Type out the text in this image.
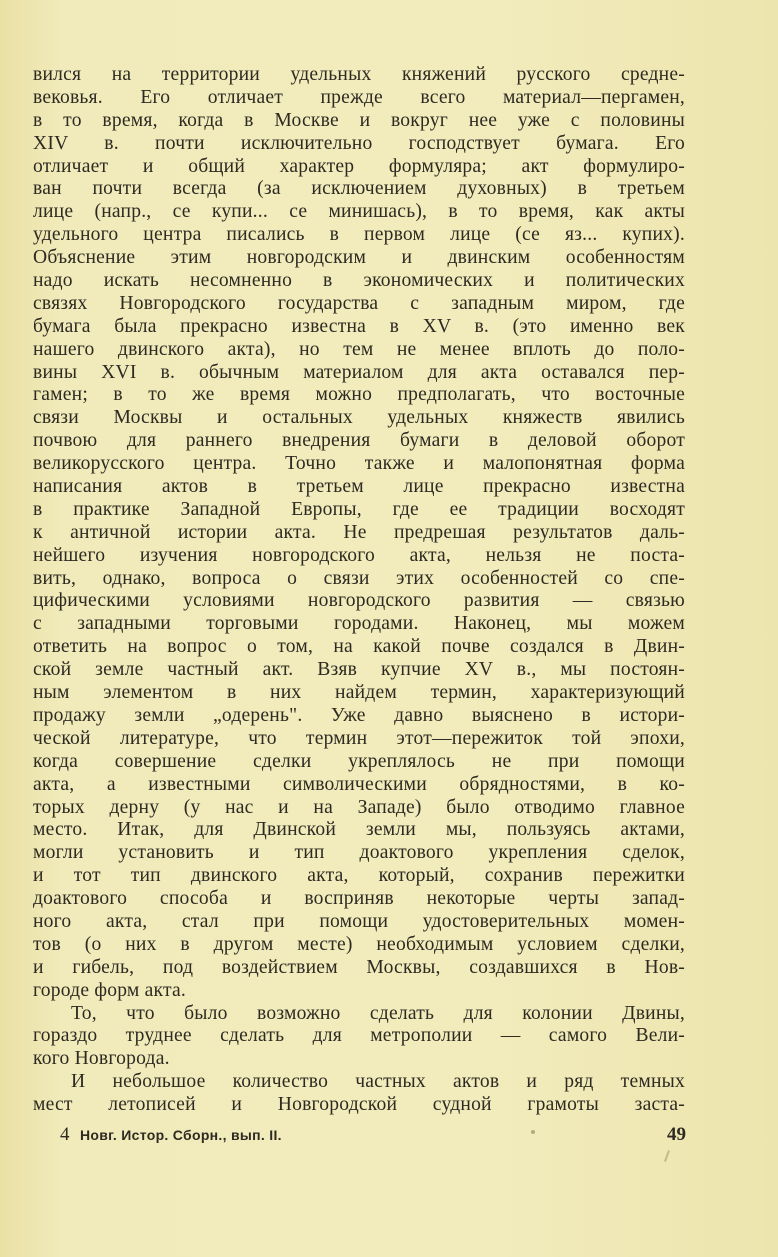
вился на территории удельных княжений русского средне-
вековья. Его отличает прежде всего материал—пергамен,
в то время, когда в Москве и вокруг нее уже с половины
XIV в. почти исключительно господствует бумага. Его
отличает и общий характер формуляра; акт формулиро-
ван почти всегда (за исключением духовных) в третьем
лице (напр., се купи... се минишась), в то время, как акты
удельного центра писались в первом лице (се яз... купих).
Объяснение этим новгородским и двинским особенностям
надо искать несомненно в экономических и политических
связях Новгородского государства с западным миром, где
бумага была прекрасно известна в XV в. (это именно век
нашего двинского акта), но тем не менее вплоть до поло-
вины XVI в. обычным материалом для акта оставался пер-
гамен; в то же время можно предполагать, что восточные
связи Москвы и остальных удельных княжеств явились
почвою для раннего внедрения бумаги в деловой оборот
великорусского центра. Точно также и малопонятная форма
написания актов в третьем лице прекрасно известна
в практике Западной Европы, где ее традиции восходят
к античной истории акта. Не предрешая результатов даль-
нейшего изучения новгородского акта, нельзя не поста-
вить, однако, вопроса о связи этих особенностей со спе-
цифическими условиями новгородского развития — связью
с западными торговыми городами. Наконец, мы можем
ответить на вопрос о том, на какой почве создался в Двин-
ской земле частный акт. Взяв купчие XV в., мы постоян-
ным элементом в них найдем термин, характеризующий
продажу земли „одерень". Уже давно выяснено в истори-
ческой литературе, что термин этот—пережиток той эпохи,
когда совершение сделки укреплялось не при помощи
акта, а известными символическими обрядностями, в ко-
торых дерну (у нас и на Западе) было отводимо главное
место. Итак, для Двинской земли мы, пользуясь актами,
могли установить и тип доактового укрепления сделок,
и тот тип двинского акта, который, сохранив пережитки
доактового способа и восприняв некоторые черты запад-
ного акта, стал при помощи удостоверительных момен-
тов (о них в другом месте) необходимым условием сделки,
и гибель, под воздействием Москвы, создавшихся в Нов-
городе форм акта.
То, что было возможно сделать для колонии Двины,
гораздо труднее сделать для метрополии — самого Вели-
кого Новгорода.
И небольшое количество частных актов и ряд темных
мест летописей и Новгородской судной грамоты заста-
4 Новг. Истор. Сборн., вып. II.	49
